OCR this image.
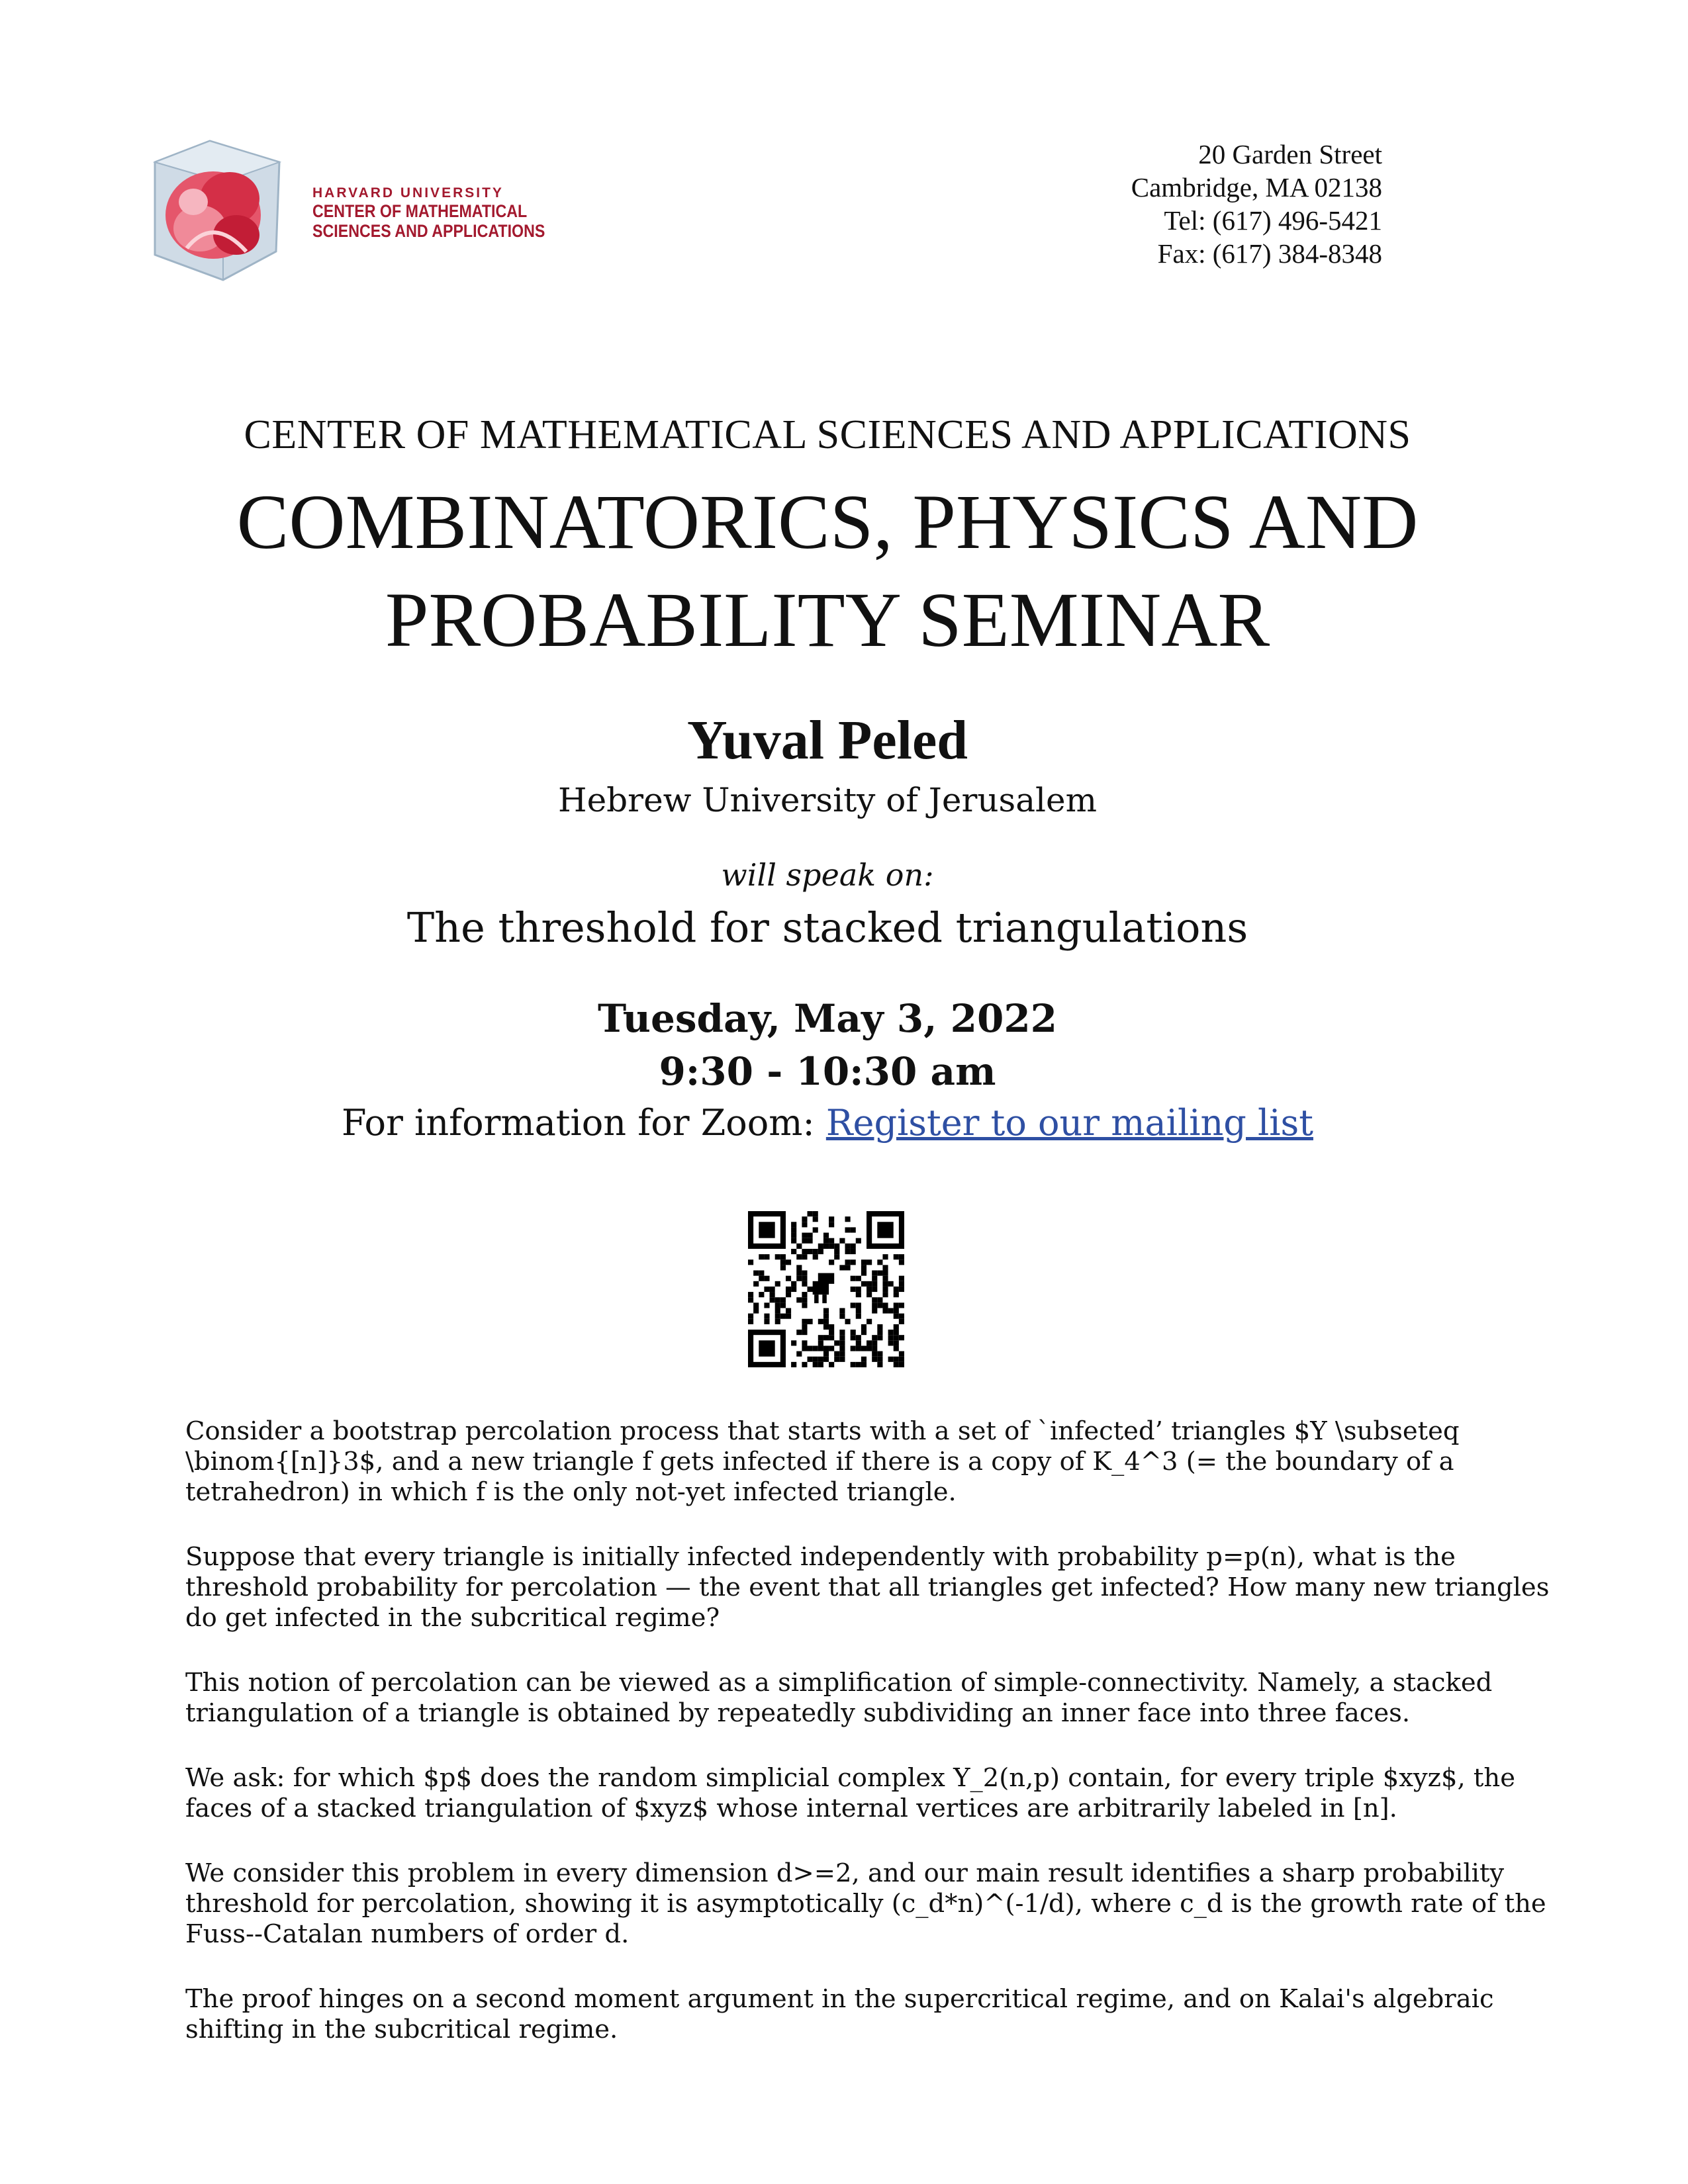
HARVARD UNIVERSITY
CENTER OF MATHEMATICAL
SCIENCES AND APPLICATIONS
20 Garden Street
Cambridge, MA 02138
Tel: (617) 496-5421
Fax: (617) 384-8348
CENTER OF MATHEMATICAL SCIENCES AND APPLICATIONS
COMBINATORICS, PHYSICS AND
PROBABILITY SEMINAR
Yuval Peled
Hebrew University of Jerusalem
will speak on:
The threshold for stacked triangulations
Tuesday, May 3, 2022
9:30 - 10:30 am
For information for Zoom: Register to our mailing list

Consider a bootstrap percolation process that starts with a set of `infected’ triangles $Y \subseteq \binom{[n]}3$, and a new triangle f gets infected if there is a copy of K_4^3 (= the boundary of a tetrahedron) in which f is the only not-yet infected triangle.

Suppose that every triangle is initially infected independently with probability p=p(n), what is the threshold probability for percolation — the event that all triangles get infected? How many new triangles do get infected in the subcritical regime?

This notion of percolation can be viewed as a simplification of simple-connectivity. Namely, a stacked triangulation of a triangle is obtained by repeatedly subdividing an inner face into three faces.

We ask: for which $p$ does the random simplicial complex Y_2(n,p) contain, for every triple $xyz$, the faces of a stacked triangulation of $xyz$ whose internal vertices are arbitrarily labeled in [n].

We consider this problem in every dimension d>=2, and our main result identifies a sharp probability threshold for percolation, showing it is asymptotically (c_d*n)^(-1/d), where c_d is the growth rate of the Fuss--Catalan numbers of order d.

The proof hinges on a second moment argument in the supercritical regime, and on Kalai's algebraic shifting in the subcritical regime.
